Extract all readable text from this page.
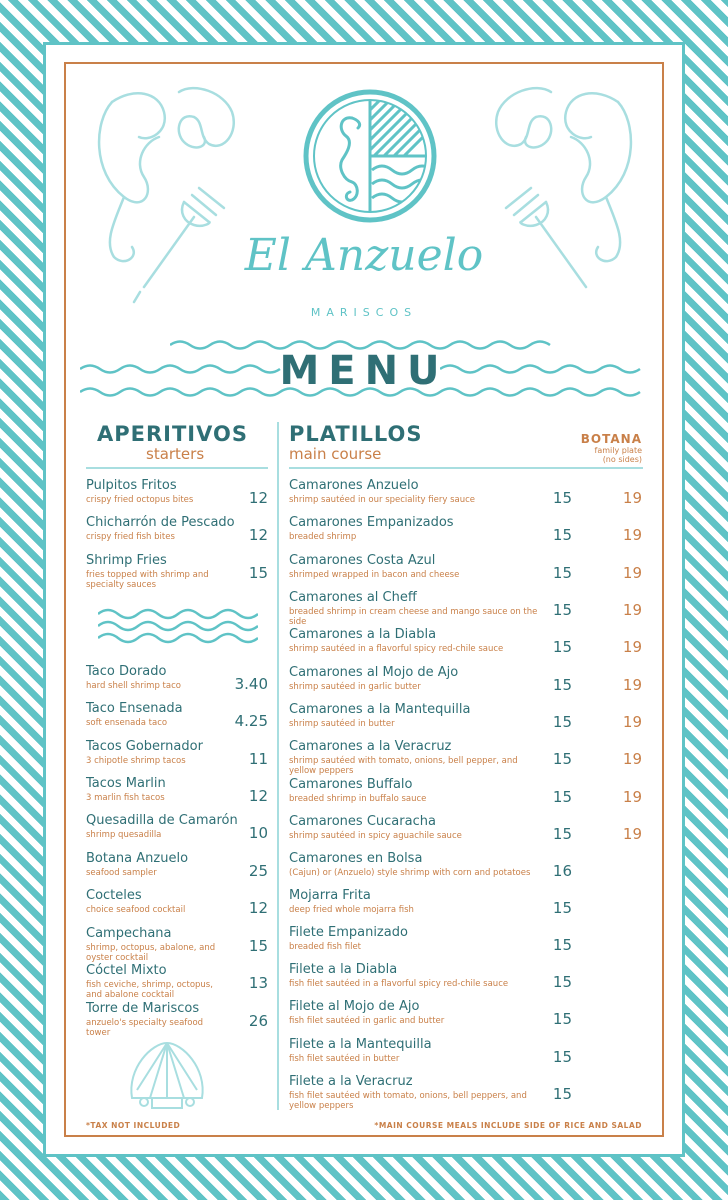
El Anzuelo
MARISCOS
MENU
APERITIVOS
starters
PLATILLOS
main course
BOTANA
family plate (no sides)
Pulpitos Fritos
crispy fried octopus bites	12
Chicharrón de Pescado
crispy fried fish bites	12
Shrimp Fries
fries topped with shrimp and specialty sauces
15
Taco Dorado
hard shell shrimp taco	3.40
Taco Ensenada
soft ensenada taco	4.25
Tacos Gobernador
3 chipotle shrimp tacos	11
Tacos Marlin
3 marlin fish tacos	12
Quesadilla de Camarón
shrimp quesadilla	10
Botana Anzuelo
seafood sampler	25
Cocteles
choice seafood cocktail	12
Campechana
shrimp, octopus, abalone, and oyster cocktail
15
Cóctel Mixto
fish ceviche, shrimp, octopus, and abalone cocktail
13
Torre de Mariscos
anzuelo's specialty seafood tower
26
Camarones Anzuelo
shrimp sautéed in our speciality fiery sauce	15	19
Camarones Empanizados
breaded shrimp	15	19
Camarones Costa Azul
shrimped wrapped in bacon and cheese	15	19
Camarones al Cheff
breaded shrimp in cream cheese and mango sauce on the side
15	19
Camarones a la Diabla
shrimp sautéed in a flavorful spicy red-chile sauce	15	19
Camarones al Mojo de Ajo
shrimp sautéed in garlic butter	15	19
Camarones a la Mantequilla
shrimp sautéed in butter	15	19
Camarones a la Veracruz
shrimp sautéed with tomato, onions, bell pepper, and yellow peppers
15	19
Camarones Buffalo
breaded shrimp in buffalo sauce	15	19
Camarones Cucaracha
shrimp sautéed in spicy aguachile sauce	15	19
Camarones en Bolsa
(Cajun) or (Anzuelo) style shrimp with corn and potatoes	16
Mojarra Frita
deep fried whole mojarra fish	15
Filete Empanizado
breaded fish filet	15
Filete a la Diabla
fish filet sautéed in a flavorful spicy red-chile sauce	15
Filete al Mojo de Ajo
fish filet sautéed in garlic and butter	15
Filete a la Mantequilla
fish filet sautéed in butter	15
Filete a la Veracruz
fish filet sautéed with tomato, onions, bell peppers, and yellow peppers
15
*TAX NOT INCLUDED	*MAIN COURSE MEALS INCLUDE SIDE OF RICE AND SALAD
